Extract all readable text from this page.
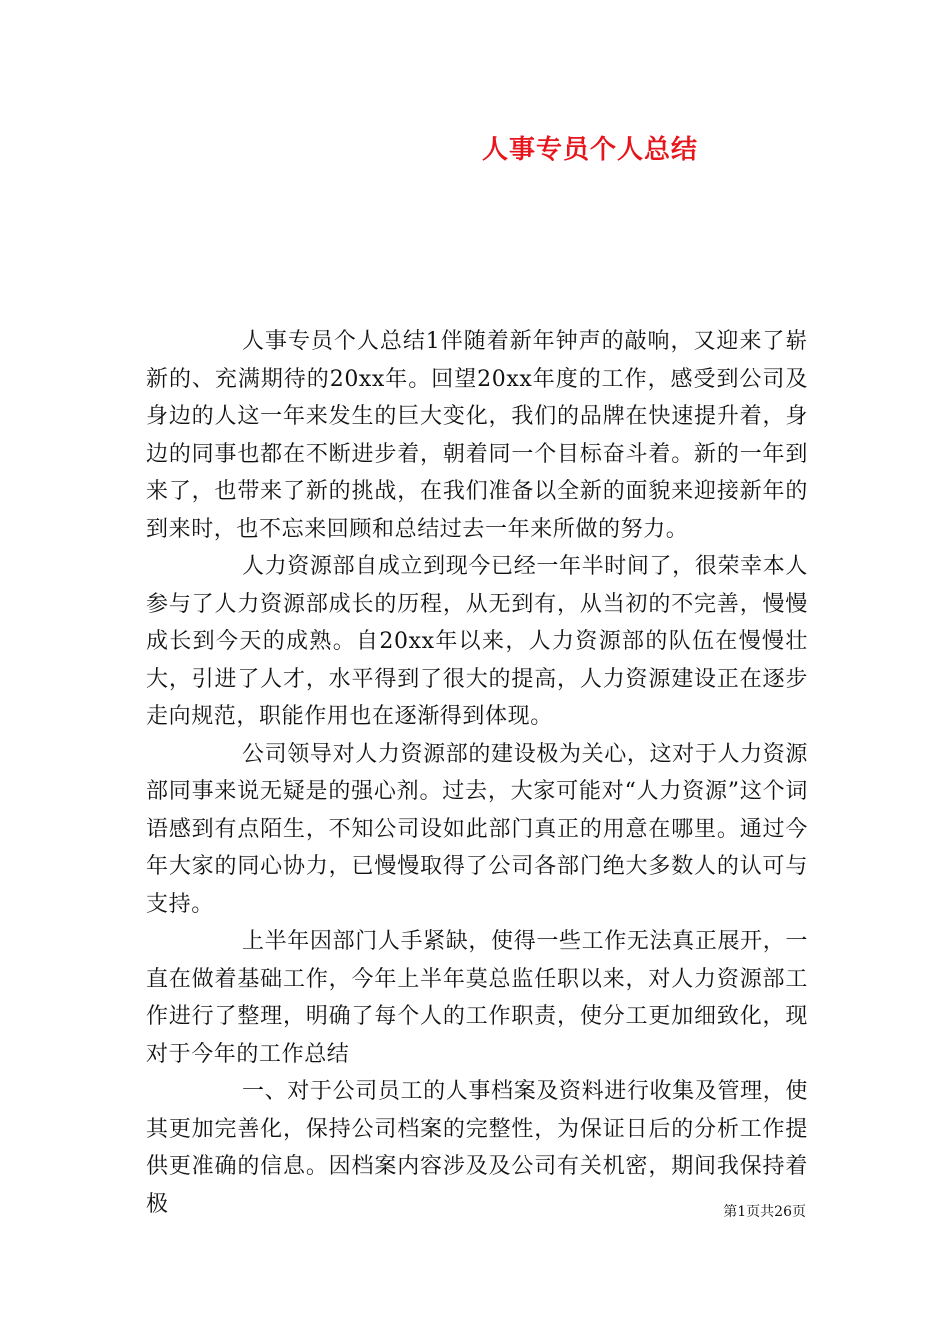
人事专员个人总结

人事专员个人总结1伴随着新年钟声的敲响，又迎来了崭新的、充满期待的20xx年。回望20xx年度的工作，感受到公司及身边的人这一年来发生的巨大变化，我们的品牌在快速提升着，身边的同事也都在不断进步着，朝着同一个目标奋斗着。新的一年到来了，也带来了新的挑战，在我们准备以全新的面貌来迎接新年的到来时，也不忘来回顾和总结过去一年来所做的努力。

人力资源部自成立到现今已经一年半时间了，很荣幸本人参与了人力资源部成长的历程，从无到有，从当初的不完善，慢慢成长到今天的成熟。自20xx年以来，人力资源部的队伍在慢慢壮大，引进了人才，水平得到了很大的提高，人力资源建设正在逐步走向规范，职能作用也在逐渐得到体现。

公司领导对人力资源部的建设极为关心，这对于人力资源部同事来说无疑是的强心剂。过去，大家可能对“人力资源”这个词语感到有点陌生，不知公司设如此部门真正的用意在哪里。通过今年大家的同心协力，已慢慢取得了公司各部门绝大多数人的认可与支持。

上半年因部门人手紧缺，使得一些工作无法真正展开，一直在做着基础工作，今年上半年莫总监任职以来，对人力资源部工作进行了整理，明确了每个人的工作职责，使分工更加细致化，现对于今年的工作总结

一、对于公司员工的人事档案及资料进行收集及管理，使其更加完善化，保持公司档案的完整性，为保证日后的分析工作提供更准确的信息。因档案内容涉及及公司有关机密，期间我保持着极	第1页共26页
